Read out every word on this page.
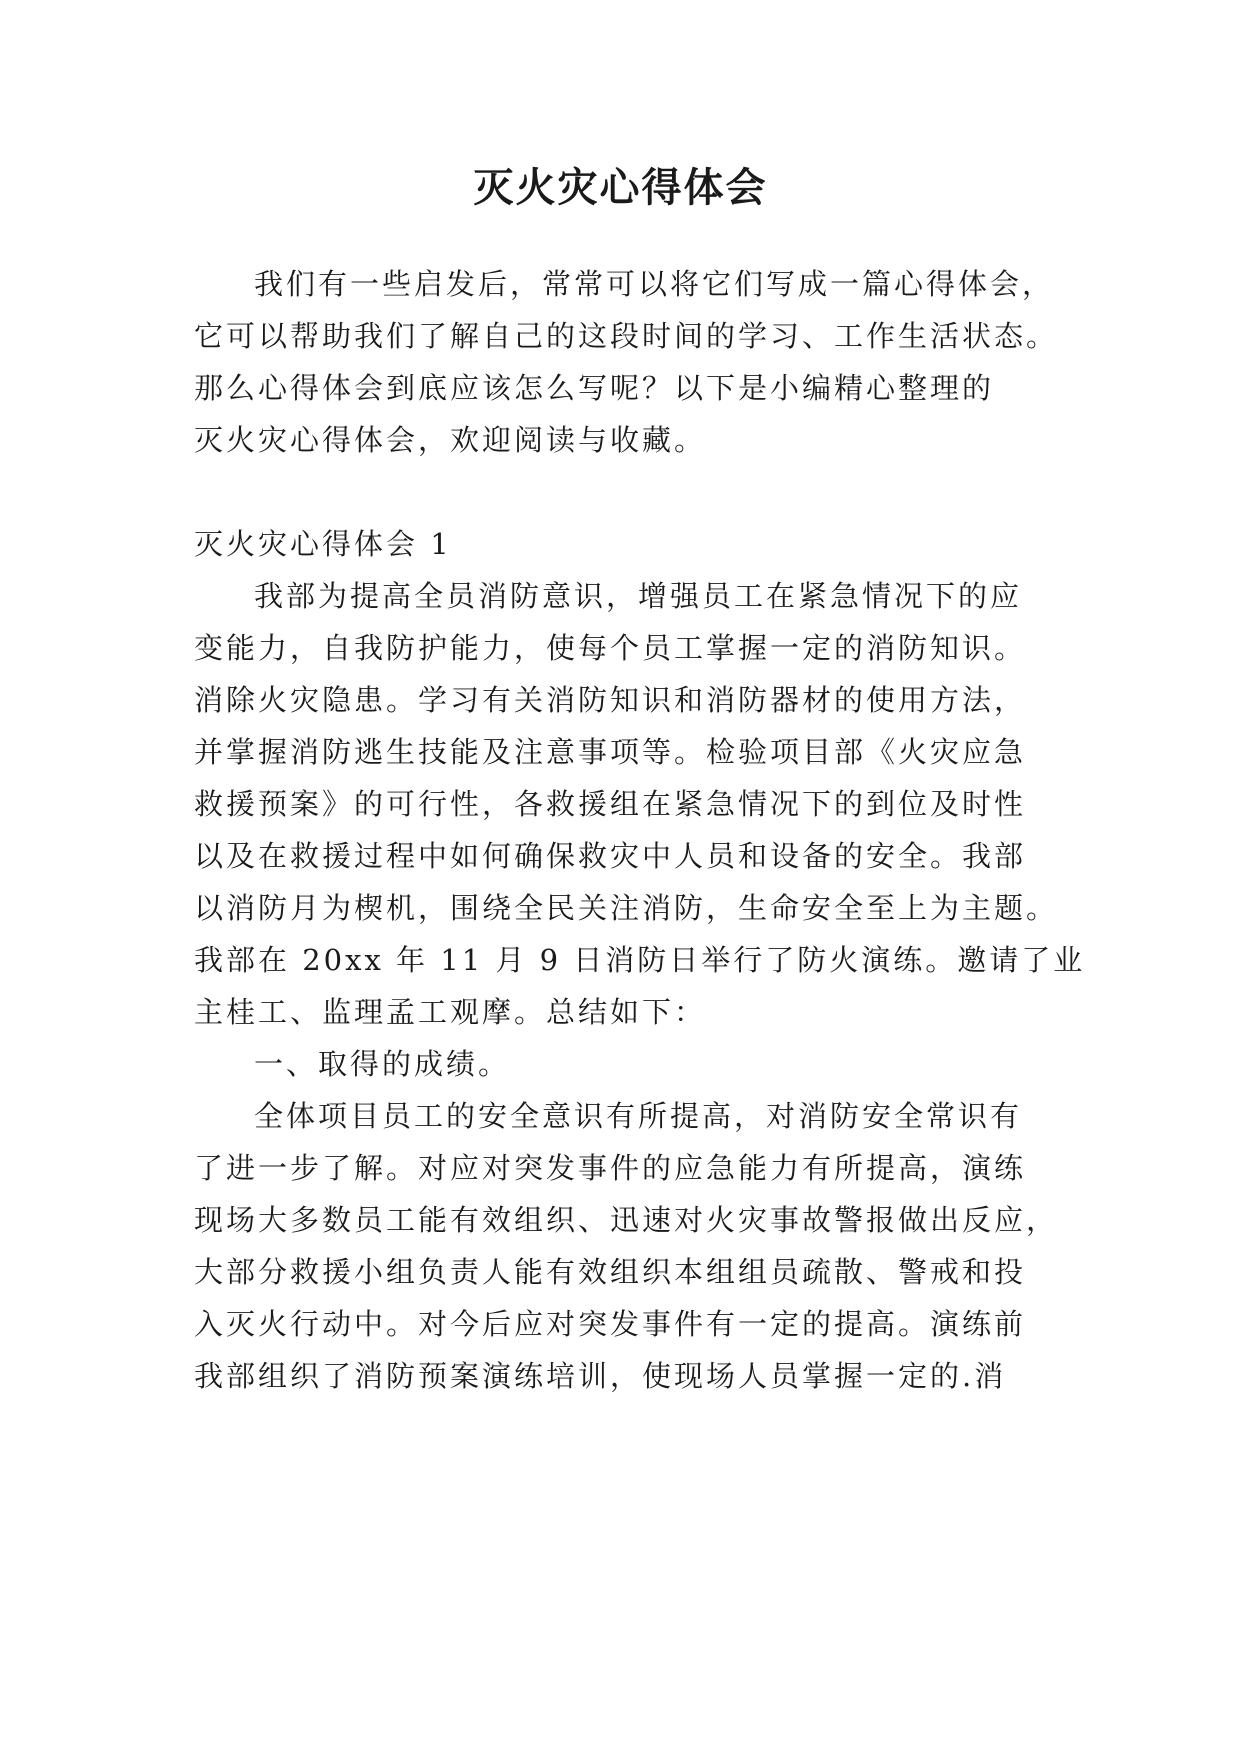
灭火灾心得体会
我们有一些启发后，常常可以将它们写成一篇心得体会，
它可以帮助我们了解自己的这段时间的学习、工作生活状态。
那么心得体会到底应该怎么写呢？以下是小编精心整理的
灭火灾心得体会，欢迎阅读与收藏。
灭火灾心得体会 1
我部为提高全员消防意识，增强员工在紧急情况下的应
变能力，自我防护能力，使每个员工掌握一定的消防知识。
消除火灾隐患。学习有关消防知识和消防器材的使用方法，
并掌握消防逃生技能及注意事项等。检验项目部《火灾应急
救援预案》的可行性，各救援组在紧急情况下的到位及时性
以及在救援过程中如何确保救灾中人员和设备的安全。我部
以消防月为楔机，围绕全民关注消防，生命安全至上为主题。
我部在 20xx 年 11 月 9 日消防日举行了防火演练。邀请了业
主桂工、监理孟工观摩。总结如下：
一、取得的成绩。
全体项目员工的安全意识有所提高，对消防安全常识有
了进一步了解。对应对突发事件的应急能力有所提高，演练
现场大多数员工能有效组织、迅速对火灾事故警报做出反应，
大部分救援小组负责人能有效组织本组组员疏散、警戒和投
入灭火行动中。对今后应对突发事件有一定的提高。演练前
我部组织了消防预案演练培训，使现场人员掌握一定的.消
